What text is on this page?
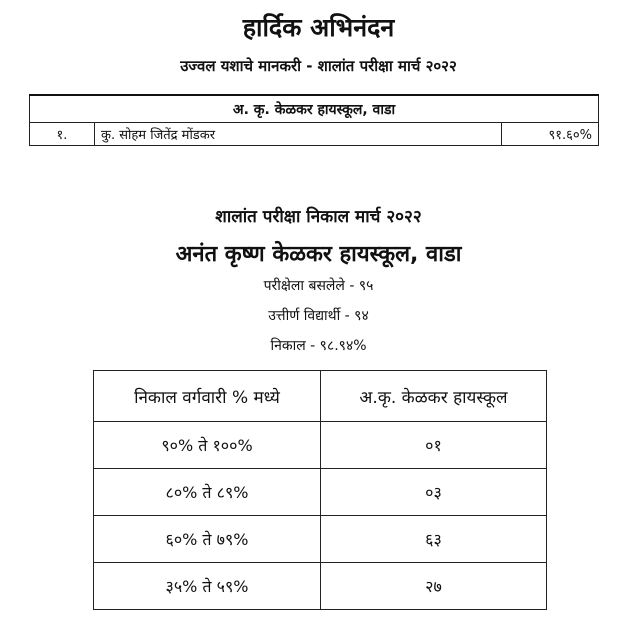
हार्दिक अभिनंदन
उज्वल यशाचे मानकरी - शालांत परीक्षा मार्च २०२२
अ. कृ. केळकर हायस्कूल, वाडा
१.	कु. सोहम जितेंद्र मोंडकर	९१.६०%
शालांत परीक्षा निकाल मार्च २०२२
अनंत कृष्ण केळकर हायस्कूल, वाडा
परीक्षेला बसलेले - ९५
उत्तीर्ण विद्यार्थी - ९४
निकाल - ९८.९४%
निकाल वर्गवारी % मध्ये	अ.कृ. केळकर हायस्कूल
९०% ते १००%	०१
८०% ते ८९%	०३
६०% ते ७९%	६३
३५% ते ५९%	२७
